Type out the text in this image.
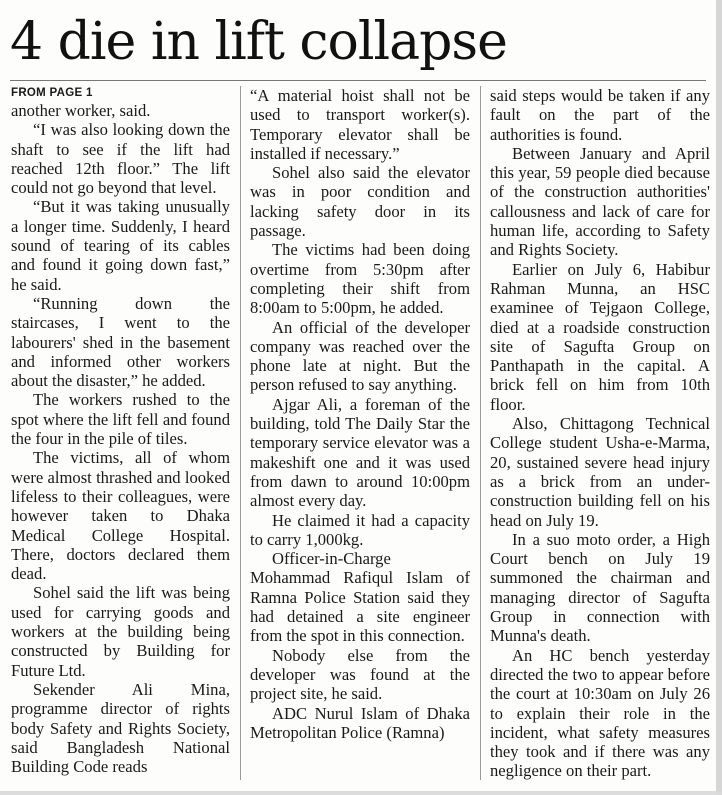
4 die in lift collapse
FROM PAGE 1

another worker, said.

“I was also looking down the shaft to see if the lift had reached 12th floor.” The lift could not go beyond that level.

“But it was taking unusually a longer time. Suddenly, I heard sound of tearing of its cables and found it going down fast,” he said.

“Running down the staircases, I went to the labourers' shed in the basement and informed other workers about the disaster,” he added.

The workers rushed to the spot where the lift fell and found the four in the pile of tiles.

The victims, all of whom were almost thrashed and looked lifeless to their colleagues, were however taken to Dhaka Medical College Hospital. There, doctors declared them dead.

Sohel said the lift was being used for carrying goods and workers at the building being constructed by Building for Future Ltd.

Sekender Ali Mina, programme director of rights body Safety and Rights Society, said Bangladesh National Building Code reads

“A material hoist shall not be used to transport worker(s). Temporary elevator shall be installed if necessary.”

Sohel also said the elevator was in poor condition and lacking safety door in its passage.

The victims had been doing overtime from 5:30pm after completing their shift from 8:00am to 5:00pm, he added.

An official of the developer company was reached over the phone late at night. But the person refused to say anything.

Ajgar Ali, a foreman of the building, told The Daily Star the temporary service elevator was a makeshift one and it was used from dawn to around 10:00pm almost every day.

He claimed it had a capacity to carry 1,000kg.

Officer-in-Charge Mohammad Rafiqul Islam of Ramna Police Station said they had detained a site engineer from the spot in this connection.

Nobody else from the developer was found at the project site, he said.

ADC Nurul Islam of Dhaka Metropolitan Police (Ramna)

said steps would be taken if any fault on the part of the authorities is found.

Between January and April this year, 59 people died because of the construction authorities' callousness and lack of care for human life, according to Safety and Rights Society.

Earlier on July 6, Habibur Rahman Munna, an HSC examinee of Tejgaon College, died at a roadside construction site of Sagufta Group on Panthapath in the capital. A brick fell on him from 10th floor.

Also, Chittagong Technical College student Usha-e-Marma, 20, sustained severe head injury as a brick from an under-construction building fell on his head on July 19.

In a suo moto order, a High Court bench on July 19 summoned the chairman and managing director of Sagufta Group in connection with Munna's death.

An HC bench yesterday directed the two to appear before the court at 10:30am on July 26 to explain their role in the incident, what safety measures they took and if there was any negligence on their part.
